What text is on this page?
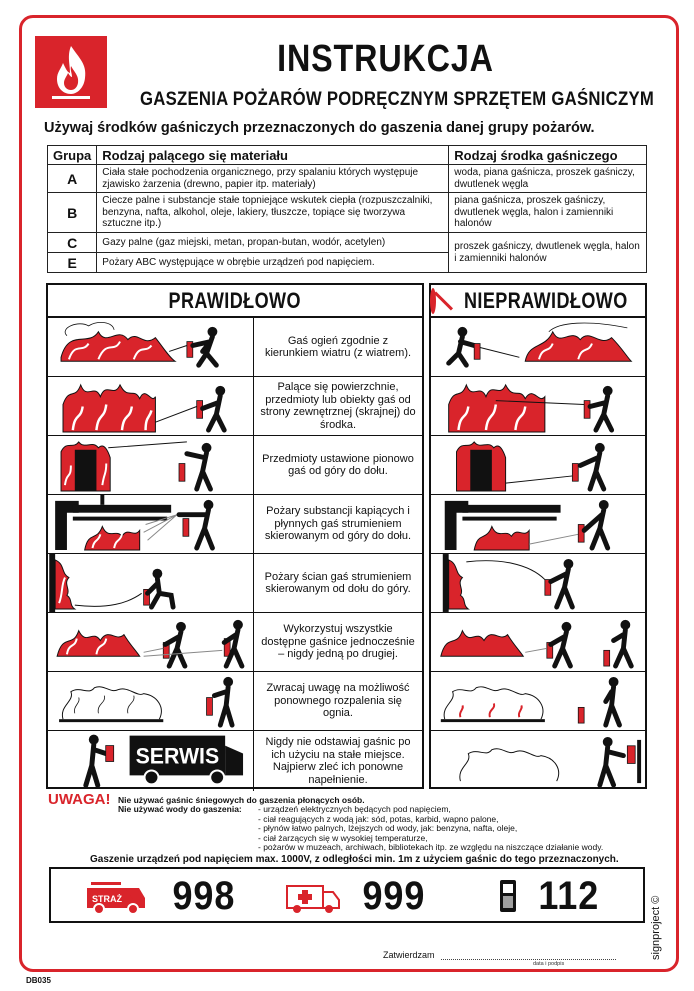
INSTRUKCJA
GASZENIA POŻARÓW PODRĘCZNYM SPRZĘTEM GAŚNICZYM
Używaj środków gaśniczych przeznaczonych do gaszenia danej grupy pożarów.
Grupa	Rodzaj palącego się materiału	Rodzaj środka gaśniczego
A	Ciała stałe pochodzenia organicznego, przy spalaniu których występuje zjawisko żarzenia (drewno, papier itp. materiały)	woda, piana gaśnicza, proszek gaśniczy, dwutlenek węgla
B	Ciecze palne i substancje stałe topniejące wskutek ciepła (rozpuszczalniki, benzyna, nafta, alkohol, oleje, lakiery, tłuszcze, topiące się tworzywa sztuczne itp.)	piana gaśnicza, proszek gaśniczy, dwutlenek węgla, halon i zamienniki halonów
C	Gazy palne (gaz miejski, metan, propan-butan, wodór, acetylen)	proszek gaśniczy, dwutlenek węgla, halon i zamienniki halonów
E	Pożary ABC występujące w obrębie urządzeń pod napięciem.	
PRAWIDŁOWO
Gaś ogień zgodnie z kierunkiem wiatru (z wiatrem).
Palące się powierzchnie, przedmioty lub obiekty gaś od strony zewnętrznej (skrajnej) do środka.
Przedmioty ustawione pionowo gaś od góry do dołu.
Pożary substancji kapiących i płynnych gaś strumieniem skierowanym od góry do dołu.
Pożary ścian gaś strumieniem skierowanym od dołu do góry.
Wykorzystuj wszystkie dostępne gaśnice jednocześnie – nigdy jedną po drugiej.
Zwracaj uwagę na możliwość ponownego rozpalenia się ognia.
SERWIS
Nigdy nie odstawiaj gaśnic po ich użyciu na stałe miejsce. Najpierw zleć ich ponowne napełnienie.
NIEPRAWIDŁOWO
UWAGA! Nie używać gaśnic śniegowych do gaszenia płonących osób.
Nie używać wody do gaszenia: - urządzeń elektrycznych będących pod napięciem,
- ciał reagujących z wodą jak: sód, potas, karbid, wapno palone,
- płynów łatwo palnych, lżejszych od wody, jak: benzyna, nafta, oleje,
- ciał żarzących się w wysokiej temperaturze,
- pożarów w muzeach, archiwach, bibliotekach itp. ze względu na niszczące działanie wody.
Gaszenie urządzeń pod napięciem max. 1000V, z odległości min. 1m z użyciem gaśnic do tego przeznaczonych.
STRAŻ 998	999	112
Zatwierdzam
data i podpis
DB035
signproject ©
